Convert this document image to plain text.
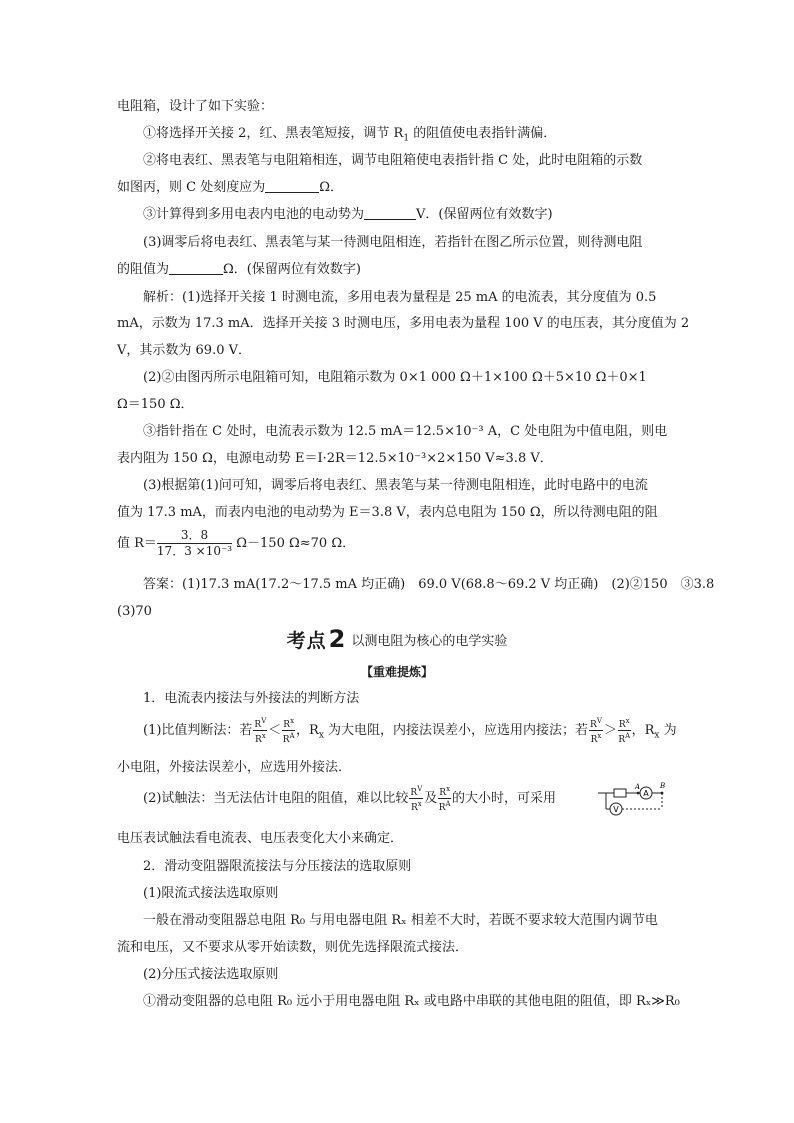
电阻箱，设计了如下实验：
①将选择开关接 2，红、黑表笔短接，调节 $R_1$ 的阻值使电表指针满偏．
②将电表红、黑表笔与电阻箱相连，调节电阻箱使电表指针指 C 处，此时电阻箱的示数
如图丙，则 C 处刻度应为	Ω．
③计算得到多用电表内电池的电动势为	V．(保留两位有效数字)
(3)调零后将电表红、黑表笔与某一待测电阻相连，若指针在图乙所示位置，则待测电阻
的阻值为	Ω．(保留两位有效数字)
解析：(1)选择开关接 1 时测电流，多用电表为量程是 25 mA 的电流表，其分度值为 0.5
mA，示数为 17.3 mA．选择开关接 3 时测电压，多用电表为量程 100 V 的电压表，其分度值为 2
V，其示数为 69.0 V．
(2)②由图丙所示电阻箱可知，电阻箱示数为 0×1 000 Ω＋1×100 Ω＋5×10 Ω＋0×1
Ω＝150 Ω．
③指针指在 C 处时，电流表示数为 12.5 mA＝12.5×10⁻³ A，C 处电阻为中值电阻，则电
表内阻为 150 Ω，电源电动势 E＝I·2R＝12.5×10⁻³×2×150 V≈3.8 V．
(3)根据第(1)问可知，调零后将电表红、黑表笔与某一待测电阻相连，此时电路中的电流
值为 17.3 mA，而表内电池的电动势为 E＝3.8 V，表内总电阻为 150 Ω，所以待测电阻的阻
值 $R= \frac{3.8}{\text{17．3 ×10⁻³}} \Omega-150$ Ω≈70 Ω．
答案：(1)17.3 mA(17.2～17.5 mA 均正确)　69.0 V(68.8～69.2 V 均正确)　(2)②150　③3.8
(3)70
考点2 以测电阻为核心的电学实验
【重难提炼】
1．电流表内接法与外接法的判断方法
(1)比值判断法：若 $\frac{R^V}{R^x} < \frac{R^x}{R^A}$ ，$R_x$ 为大电阻，内接法误差小，应选用内接法；若 $\frac{R^V}{R^x} > \frac{R^x}{R^A}$ ，$R_x$ 为
小电阻，外接法误差小，应选用外接法．
(2)试触法：当无法估计电阻的阻值，难以比较 $\frac{R^V}{R^x}$ 及 $\frac{R^x}{R^A}$ 的大小时，可采用	A
A	B
V
电压表试触法看电流表、电压表变化大小来确定．
2．滑动变阻器限流接法与分压接法的选取原则
(1)限流式接法选取原则
一般在滑动变阻器总电阻 R₀ 与用电器电阻 Rₓ 相差不大时，若既不要求较大范围内调节电
流和电压，又不要求从零开始读数，则优先选择限流式接法．
(2)分压式接法选取原则
①滑动变阻器的总电阻 R₀ 远小于用电器电阻 Rₓ 或电路中串联的其他电阻的阻值，即 Rₓ≫R₀
